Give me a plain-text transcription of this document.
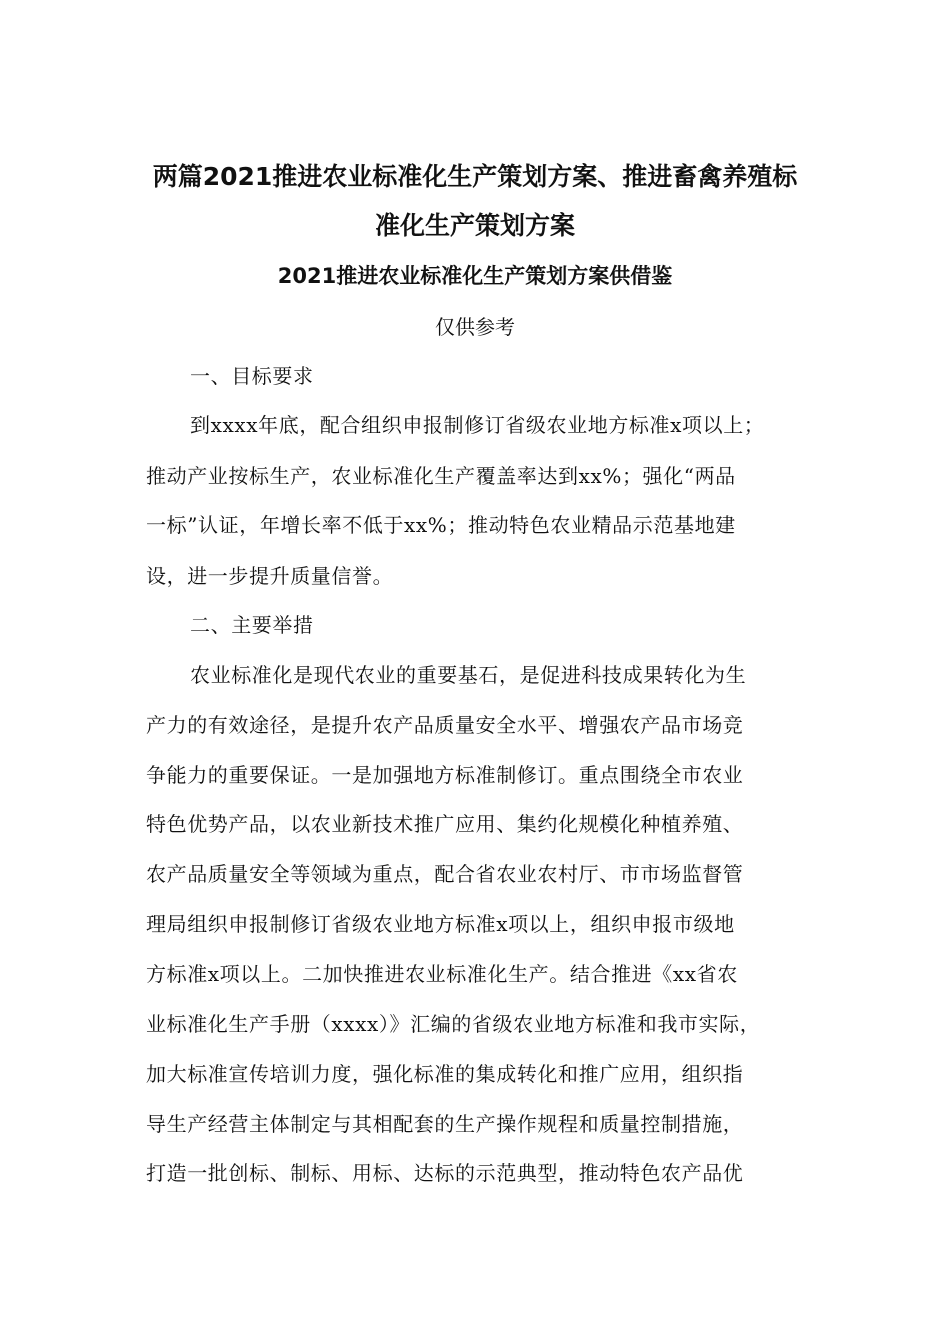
两篇2021推进农业标准化生产策划方案、推进畜禽养殖标
准化生产策划方案
2021推进农业标准化生产策划方案供借鉴
仅供参考
一、目标要求
到xxxx年底，配合组织申报制修订省级农业地方标准x项以上；
推动产业按标生产，农业标准化生产覆盖率达到xx%；强化“两品
一标”认证，年增长率不低于xx%；推动特色农业精品示范基地建
设，进一步提升质量信誉。
二、主要举措
农业标准化是现代农业的重要基石，是促进科技成果转化为生
产力的有效途径，是提升农产品质量安全水平、增强农产品市场竞
争能力的重要保证。一是加强地方标准制修订。重点围绕全市农业
特色优势产品，以农业新技术推广应用、集约化规模化种植养殖、
农产品质量安全等领域为重点，配合省农业农村厅、市市场监督管
理局组织申报制修订省级农业地方标准x项以上，组织申报市级地
方标准x项以上。二加快推进农业标准化生产。结合推进《xx省农
业标准化生产手册（xxxx）》汇编的省级农业地方标准和我市实际，
加大标准宣传培训力度，强化标准的集成转化和推广应用，组织指
导生产经营主体制定与其相配套的生产操作规程和质量控制措施，
打造一批创标、制标、用标、达标的示范典型，推动特色农产品优
